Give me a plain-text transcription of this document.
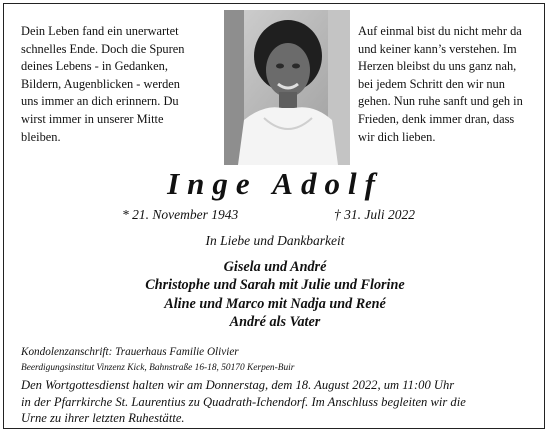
Dein Leben fand ein unerwartet
schnelles Ende. Doch die Spuren
deines Lebens - in Gedanken,
Bildern, Augenblicken - werden
uns immer an dich erinnern. Du
wirst immer in unserer Mitte
bleiben.
Auf einmal bist du nicht mehr da
und keiner kann’s verstehen. Im
Herzen bleibst du uns ganz nah,
bei jedem Schritt den wir nun
gehen. Nun ruhe sanft und geh in
Frieden, denk immer dran, dass
wir dich lieben.
Inge Adolf
* 21. November 1943	† 31. Juli 2022
In Liebe und Dankbarkeit
Gisela und André
Christophe und Sarah mit Julie und Florine
Aline und Marco mit Nadja und René
André als Vater
Kondolenzanschrift: Trauerhaus Familie Olivier
Beerdigungsinstitut Vinzenz Kick, Bahnstraße 16-18, 50170 Kerpen-Buir
Den Wortgottesdienst halten wir am Donnerstag, dem 18. August 2022, um 11:00 Uhr
in der Pfarrkirche St. Laurentius zu Quadrath-Ichendorf. Im Anschluss begleiten wir die
Urne zu ihrer letzten Ruhestätte.
